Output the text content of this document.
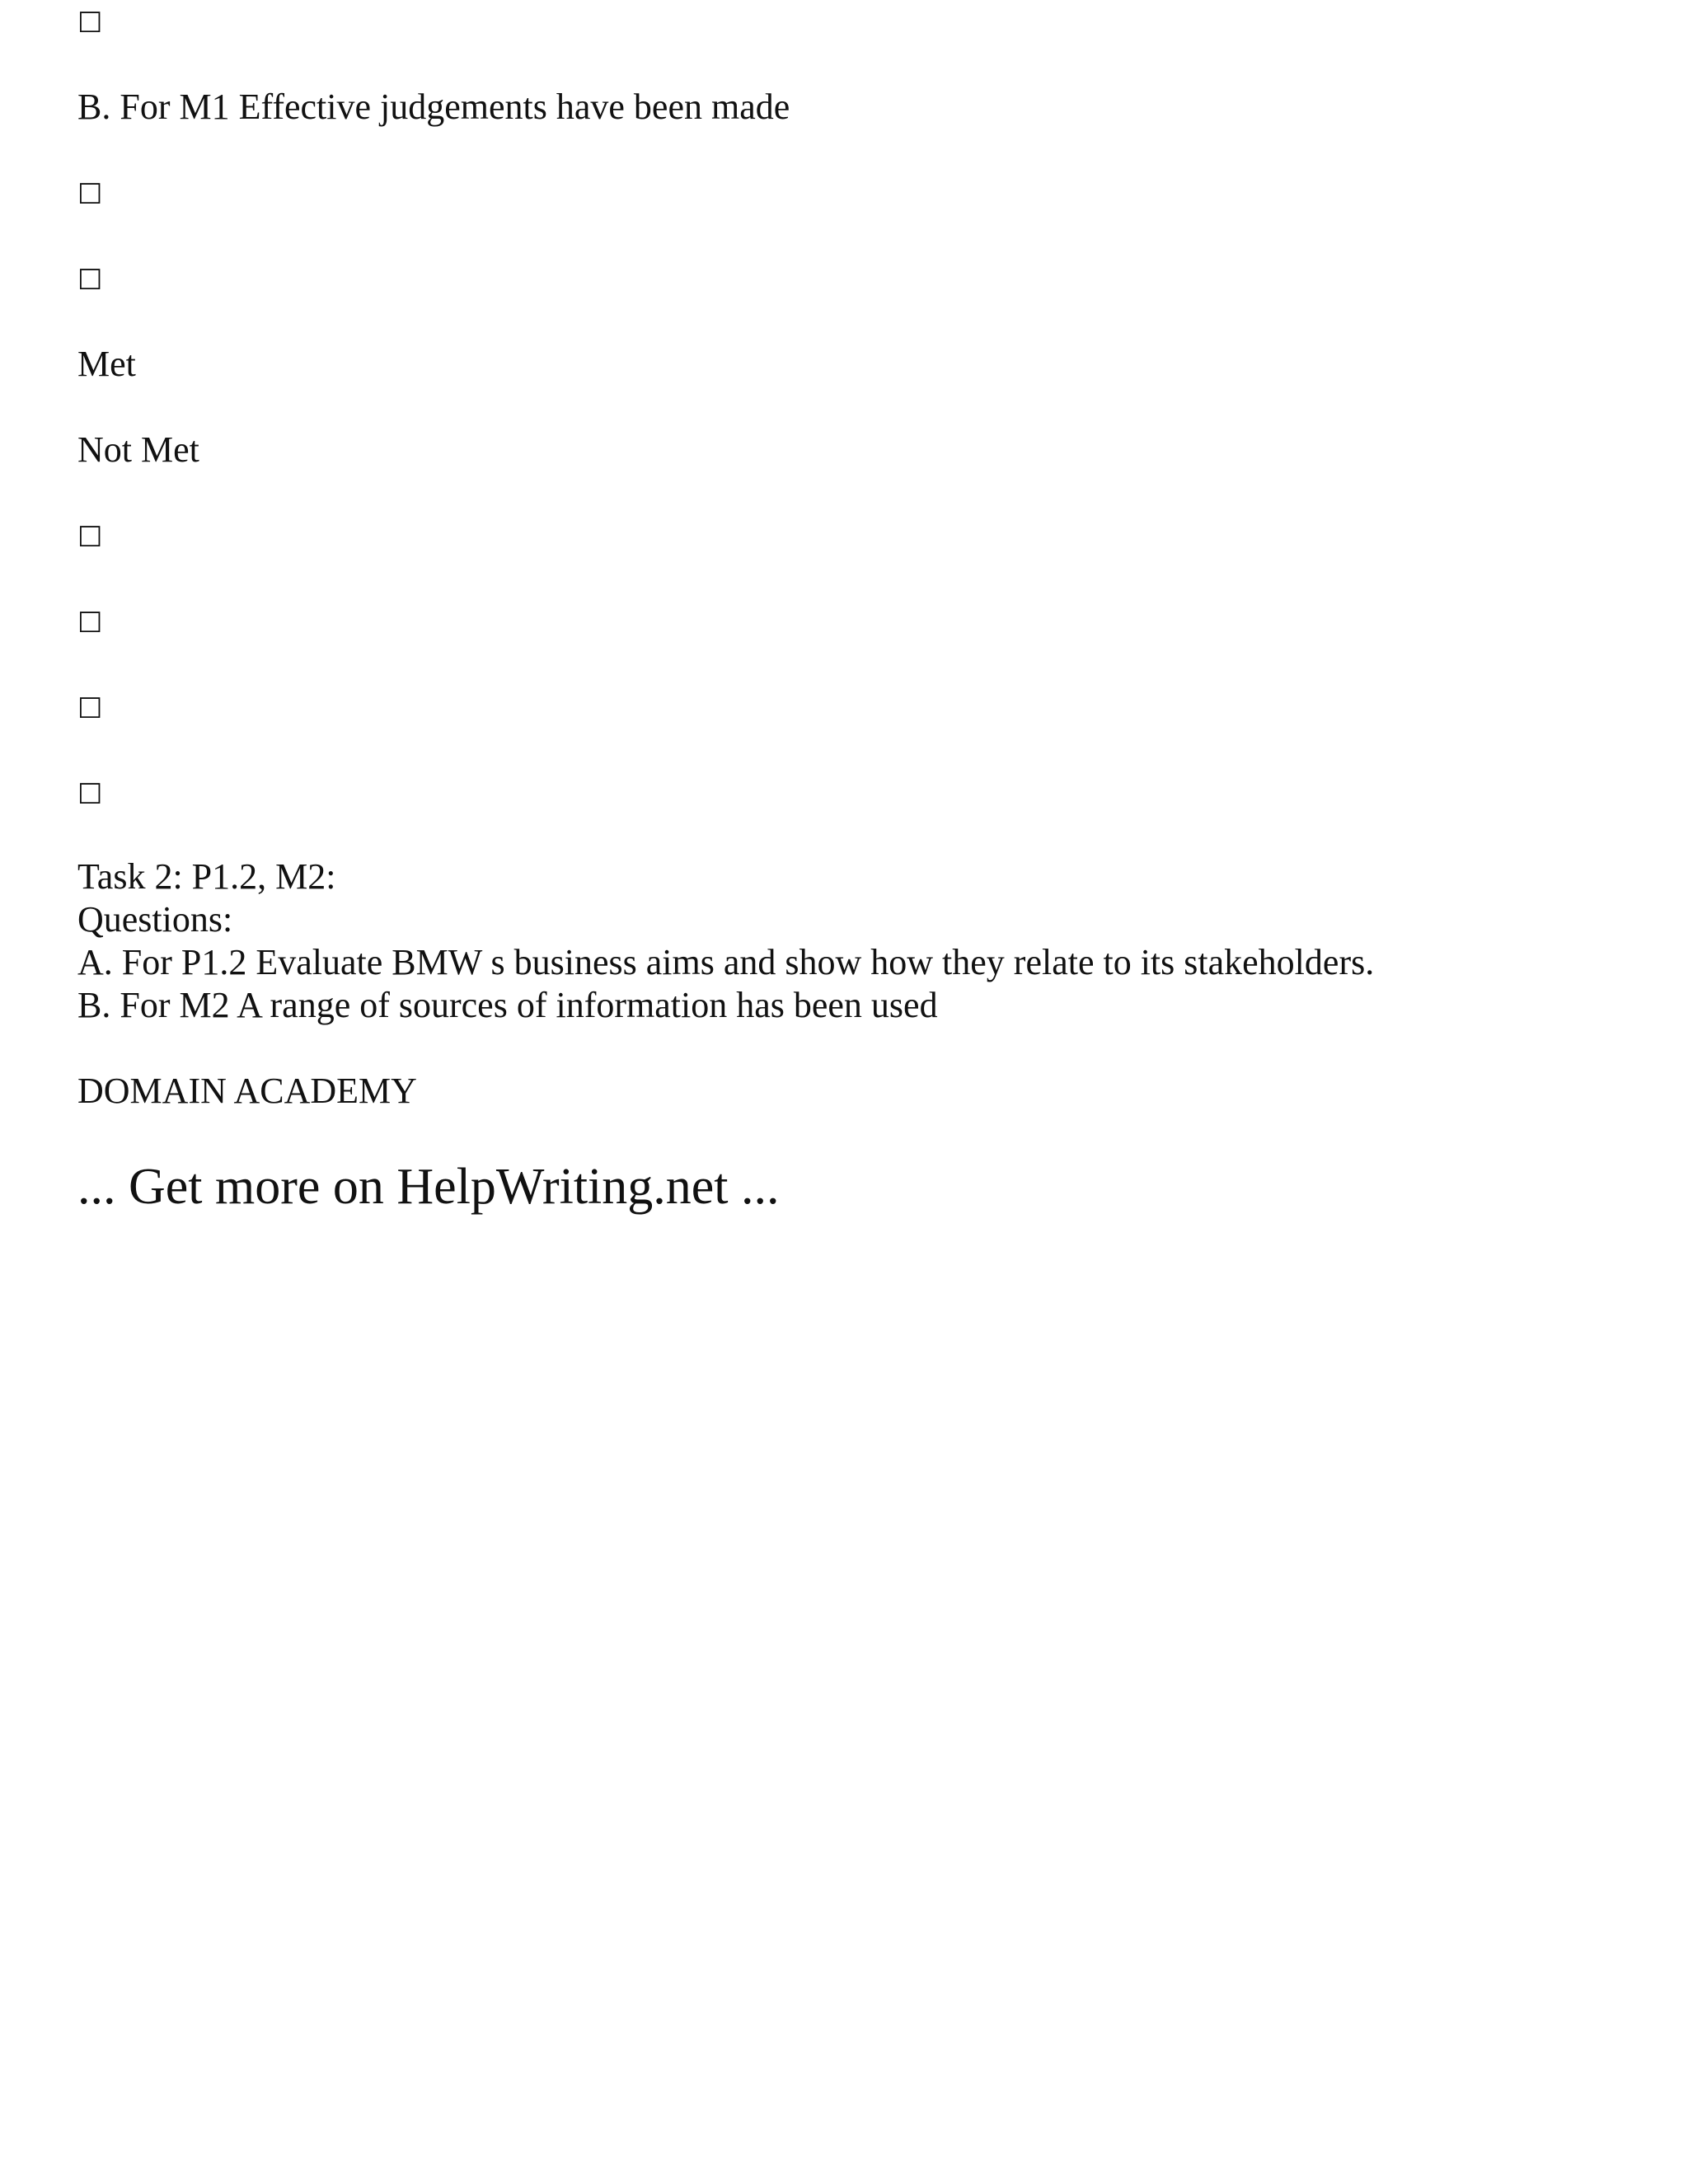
☐
B. For M1 Effective judgements have been made
☐
☐
Met
Not Met
☐
☐
☐
☐
Task 2: P1.2, M2:
Questions:
A. For P1.2 Evaluate BMW s business aims and show how they relate to its stakeholders.
B. For M2 A range of sources of information has been used
DOMAIN ACADEMY
... Get more on HelpWriting.net ...
